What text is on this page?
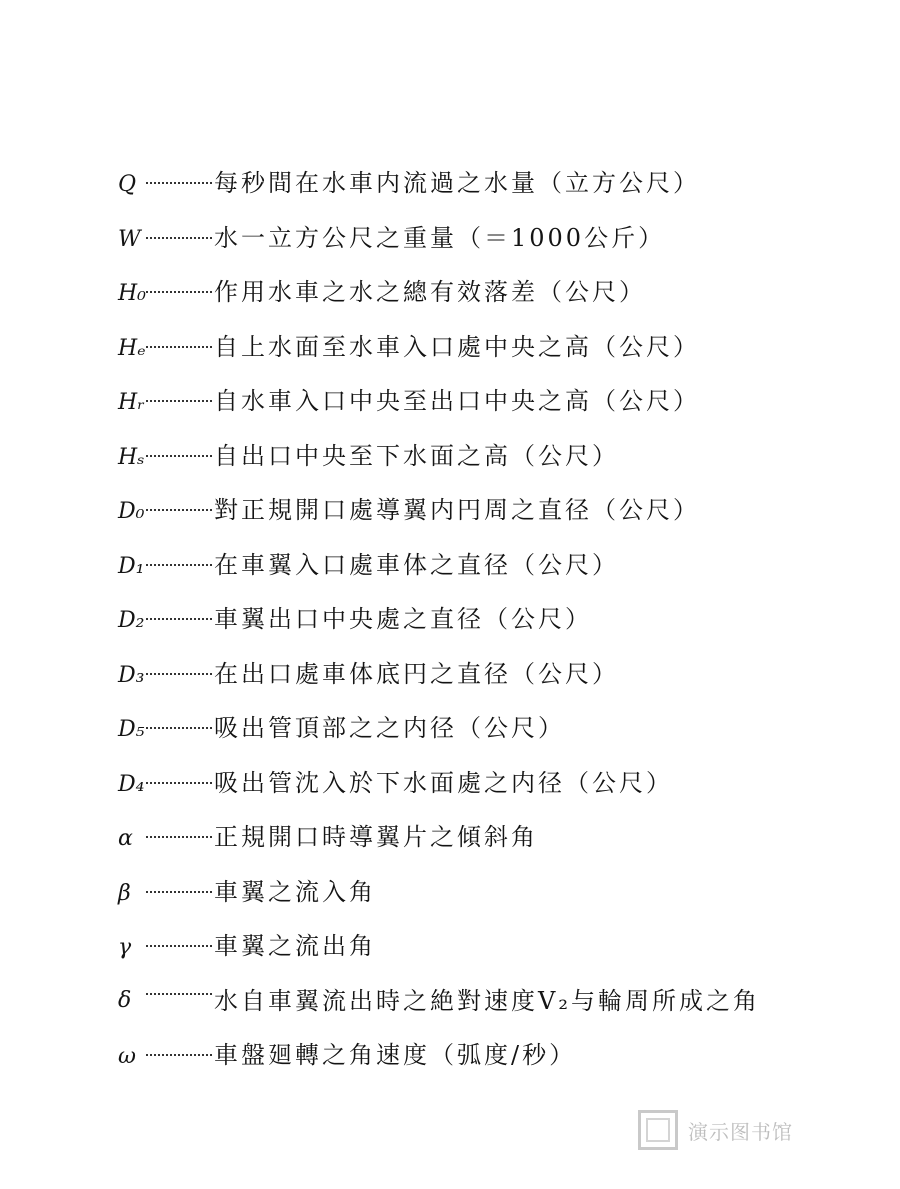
Q	每秒間在水車内流過之水量（立方公尺）
W	水一立方公尺之重量（＝1000公斤）
H₀	作用水車之水之總有效落差（公尺）
Hₑ	自上水面至水車入口處中央之高（公尺）
Hᵣ	自水車入口中央至出口中央之高（公尺）
Hₛ	自出口中央至下水面之高（公尺）
D₀	對正規開口處導翼内円周之直径（公尺）
D₁	在車翼入口處車体之直径（公尺）
D₂	車翼出口中央處之直径（公尺）
D₃	在出口處車体底円之直径（公尺）
D₅	吸出管頂部之之内径（公尺）
D₄	吸出管沈入於下水面處之内径（公尺）
α	正規開口時導翼片之傾斜角
β	車翼之流入角
γ	車翼之流出角
δ	水自車翼流出時之絶對速度V₂与輪周所成之角
ω	車盤廻轉之角速度（弧度/秒）
演示图书馆
